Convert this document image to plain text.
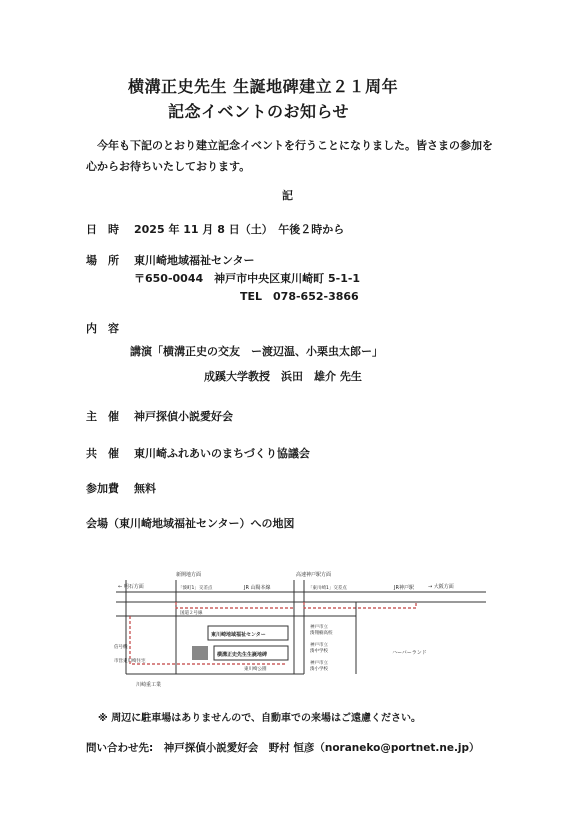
横溝正史先生 生誕地碑建立２１周年
記念イベントのお知らせ
今年も下記のとおり建立記念イベントを行うことになりました。皆さまの参加を心からお待ちいたしております。
記
日　時 2025 年 11 月 8 日（土）　午後２時から
場　所 東川崎地域福祉センター
〒650-0044　神戸市中央区東川崎町 5-1-1
TEL　078-652-3866
内　容
講演「横溝正史の交友　ー渡辺温、小栗虫太郎ー」
成蹊大学教授　浜田　雄介 先生
主　催 神戸探偵小説愛好会
共　催 東川崎ふれあいのまちづくり協議会
参加費 無料
会場（東川崎地域福祉センター）への地図
新開地方面
← 明石方面	「湊町1」交差点	JR 山陽本線
高速神戸駅方面
「東川崎1」交差点	JR神戸駅	→ 大阪方面
国道２号線
東川崎地域福祉センター
横溝正史先生生誕地碑
信号機
市営東川崎住宅
東川崎公園
神戸市立湊翔楠高校
神戸市立湊中学校
神戸市立湊小学校
ハーバーランド
川崎重工業
※ 周辺に駐車場はありませんので、自動車での来場はご遠慮ください。
問い合わせ先:　神戸探偵小説愛好会　野村 恒彦（noraneko@portnet.ne.jp）
